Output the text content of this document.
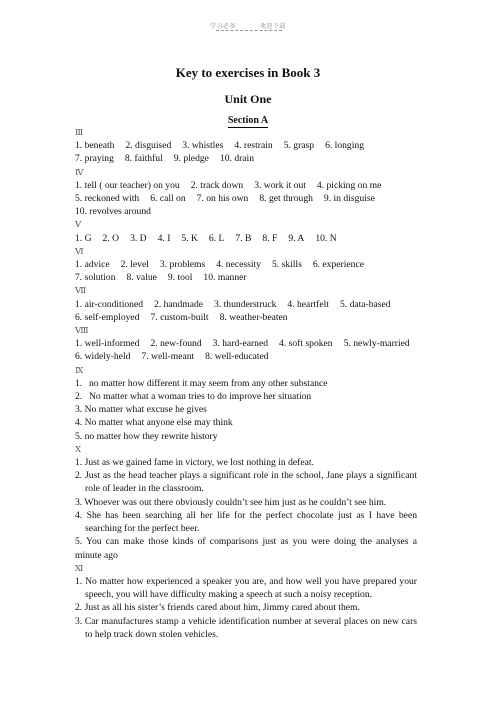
学习必备	欢迎下载
Key to exercises in Book 3
Unit One
Section A
Ⅲ
1. beneath 2. disguised 3. whistles 4. restrain 5. grasp 6. longing
7. praying 8. faithful 9. pledge 10. drain
Ⅳ
1. tell ( our teacher) on you 2. track down 3. work it out 4. picking on me
5. reckoned with 6. call on 7. on his own 8. get through 9. in disguise
10. revolves around
Ⅴ
1. G 2. O 3. D 4. I 5. K 6. L 7. B 8. F 9. A 10. N
Ⅵ
1. advice 2. level 3. problems 4. necessity 5. skills 6. experience
7. solution 8. value 9. tool 10. manner
Ⅶ
1. air-conditioned 2. handmade 3. thunderstruck 4. heartfelt 5. data-based
6. self-employed 7. custom-built 8. weather-beaten
Ⅷ
1. well-informed 2. new-found 3. hard-earned 4. soft spoken 5. newly-married
6. widely-held 7. well-meant 8. well-educated
Ⅸ
1. no matter how different it may seem from any other substance
2. No matter what a woman tries to do improve her situation
3. No matter what excuse he gives
4. No matter what anyone else may think
5. no matter how they rewrite history
Ⅹ
1. Just as we gained fame in victory, we lost nothing in defeat.
2. Just as the head teacher plays a significant role in the school, Jane plays a significant role of leader in the classroom.
3. Whoever was out there obviously couldn’t see him just as he couldn’t see him.
4. She has been searching all her life for the perfect chocolate just as I have been searching for the perfect beer.
5. You can make those kinds of comparisons just as you were doing the analyses a minute ago
Ⅺ
1. No matter how experienced a speaker you are, and how well you have prepared your speech, you will have difficulty making a speech at such a noisy reception.
2. Just as all his sister’s friends cared about him, Jimmy cared about them.
3. Car manufactures stamp a vehicle identification number at several places on new cars to help track down stolen vehicles.
